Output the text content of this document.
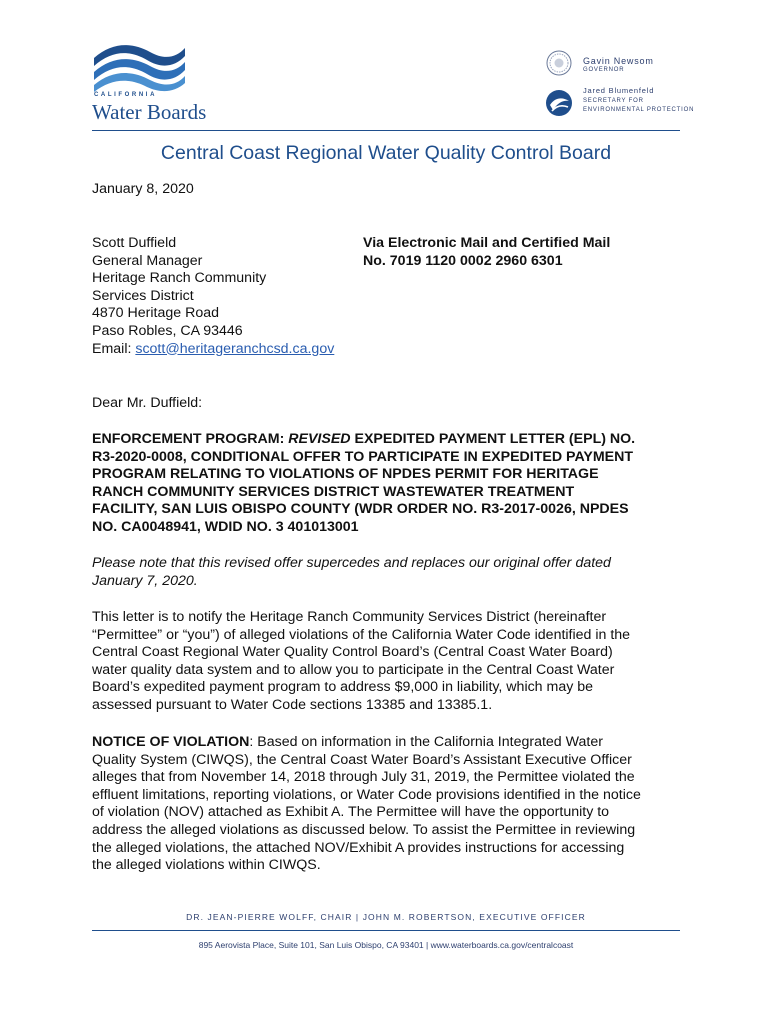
CALIFORNIA
Water Boards
Gavin Newsom
GOVERNOR
Jared Blumenfeld
SECRETARY FOR
ENVIRONMENTAL PROTECTION
Central Coast Regional Water Quality Control Board
January 8, 2020
Scott Duffield
General Manager
Heritage Ranch Community
Services District
4870 Heritage Road
Paso Robles, CA 93446
Email: scott@heritageranchcsd.ca.gov
Via Electronic Mail and Certified Mail
No. 7019 1120 0002 2960 6301
Dear Mr. Duffield:
ENFORCEMENT PROGRAM: REVISED EXPEDITED PAYMENT LETTER (EPL) NO.
R3-2020-0008, CONDITIONAL OFFER TO PARTICIPATE IN EXPEDITED PAYMENT
PROGRAM RELATING TO VIOLATIONS OF NPDES PERMIT FOR HERITAGE
RANCH COMMUNITY SERVICES DISTRICT WASTEWATER TREATMENT
FACILITY, SAN LUIS OBISPO COUNTY (WDR ORDER NO. R3-2017-0026, NPDES
NO. CA0048941, WDID NO. 3 401013001
Please note that this revised offer supercedes and replaces our original offer dated
January 7, 2020.
This letter is to notify the Heritage Ranch Community Services District (hereinafter
“Permittee” or “you”) of alleged violations of the California Water Code identified in the
Central Coast Regional Water Quality Control Board’s (Central Coast Water Board)
water quality data system and to allow you to participate in the Central Coast Water
Board’s expedited payment program to address $9,000 in liability, which may be
assessed pursuant to Water Code sections 13385 and 13385.1.
NOTICE OF VIOLATION: Based on information in the California Integrated Water
Quality System (CIWQS), the Central Coast Water Board’s Assistant Executive Officer
alleges that from November 14, 2018 through July 31, 2019, the Permittee violated the
effluent limitations, reporting violations, or Water Code provisions identified in the notice
of violation (NOV) attached as Exhibit A. The Permittee will have the opportunity to
address the alleged violations as discussed below. To assist the Permittee in reviewing
the alleged violations, the attached NOV/Exhibit A provides instructions for accessing
the alleged violations within CIWQS.
DR. JEAN-PIERRE WOLFF, CHAIR | JOHN M. ROBERTSON, EXECUTIVE OFFICER
895 Aerovista Place, Suite 101, San Luis Obispo, CA 93401 | www.waterboards.ca.gov/centralcoast
